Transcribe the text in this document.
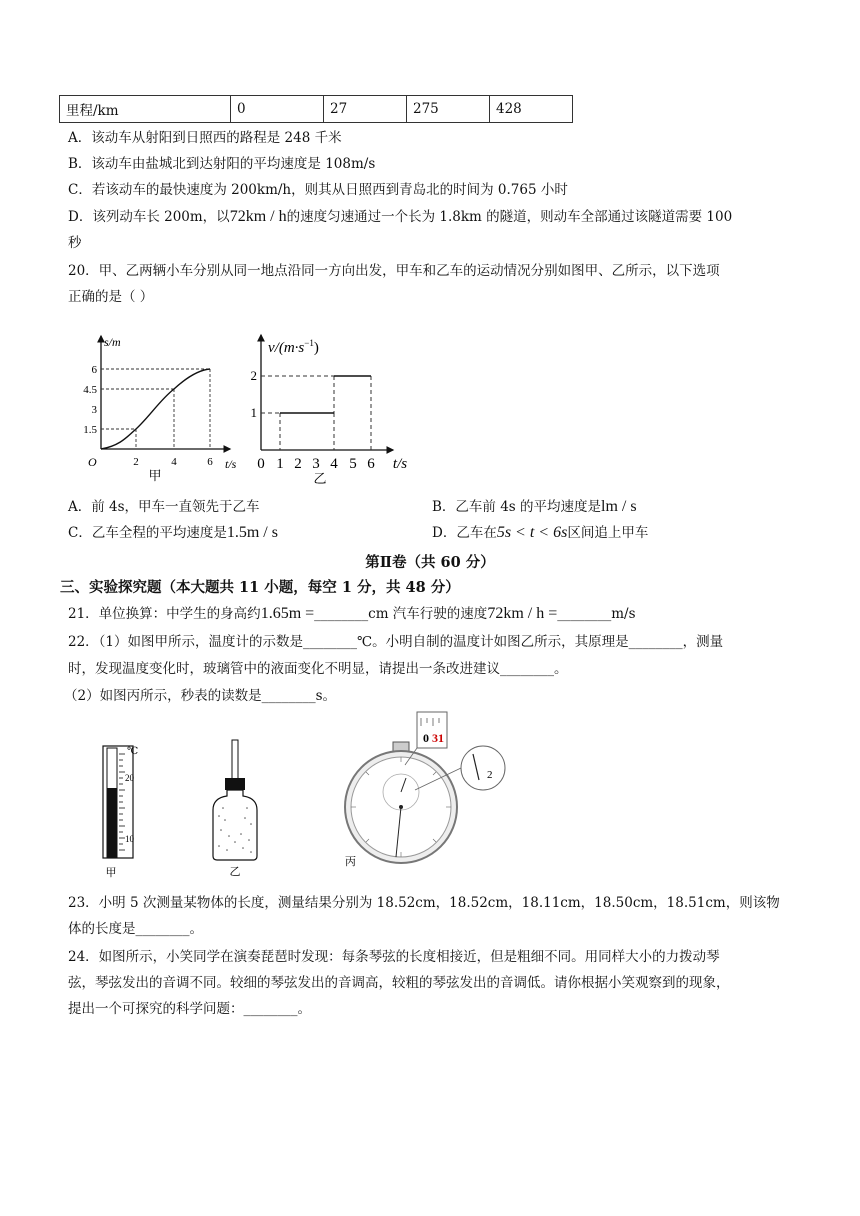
里程/km	0	27	275	428
A．该动车从射阳到日照西的路程是 248 千米
B．该动车由盐城北到达射阳的平均速度是 108m/s
C．若该动车的最快速度为 200km/h，则其从日照西到青岛北的时间为 0.765 小时
D．该列动车长 200m，以72km / h的速度匀速通过一个长为 1.8km 的隧道，则动车全部通过该隧道需要 100
秒
20．甲、乙两辆小车分别从同一地点沿同一方向出发，甲车和乙车的运动情况分别如图甲、乙所示，以下选项
正确的是（ ）
s/m
t/s
O
6
4.5
3
1.5
2	4	6
甲
$v/(m\cdot s^{-1})$
2
1
0 1 2 3 4 5 6 t/s
乙
A．前 4s，甲车一直领先于乙车	B．乙车前 4s 的平均速度是lm / s
C．乙车全程的平均速度是1.5m / s	D．乙车在5s < t < 6s区间追上甲车
第Ⅱ卷（共 60 分）
三、实验探究题（本大题共 11 小题，每空 1 分，共 48 分）
21．单位换算：中学生的身高约1.65m =________cm 汽车行驶的速度72km / h =________m/s
22．（1）如图甲所示，温度计的示数是________℃。小明自制的温度计如图乙所示，其原理是________，测量
时，发现温度变化时，玻璃管中的液面变化不明显，请提出一条改进建议________。
（2）如图丙所示，秒表的读数是________s。
℃
20
10
甲	乙
0 31
2
丙
23．小明 5 次测量某物体的长度，测量结果分别为 18.52cm，18.52cm，18.11cm，18.50cm，18.51cm，则该物
体的长度是________。
24．如图所示，小笑同学在演奏琵琶时发现：每条琴弦的长度相接近，但是粗细不同。用同样大小的力拨动琴
弦，琴弦发出的音调不同。较细的琴弦发出的音调高，较粗的琴弦发出的音调低。请你根据小笑观察到的现象，
提出一个可探究的科学问题：________。
